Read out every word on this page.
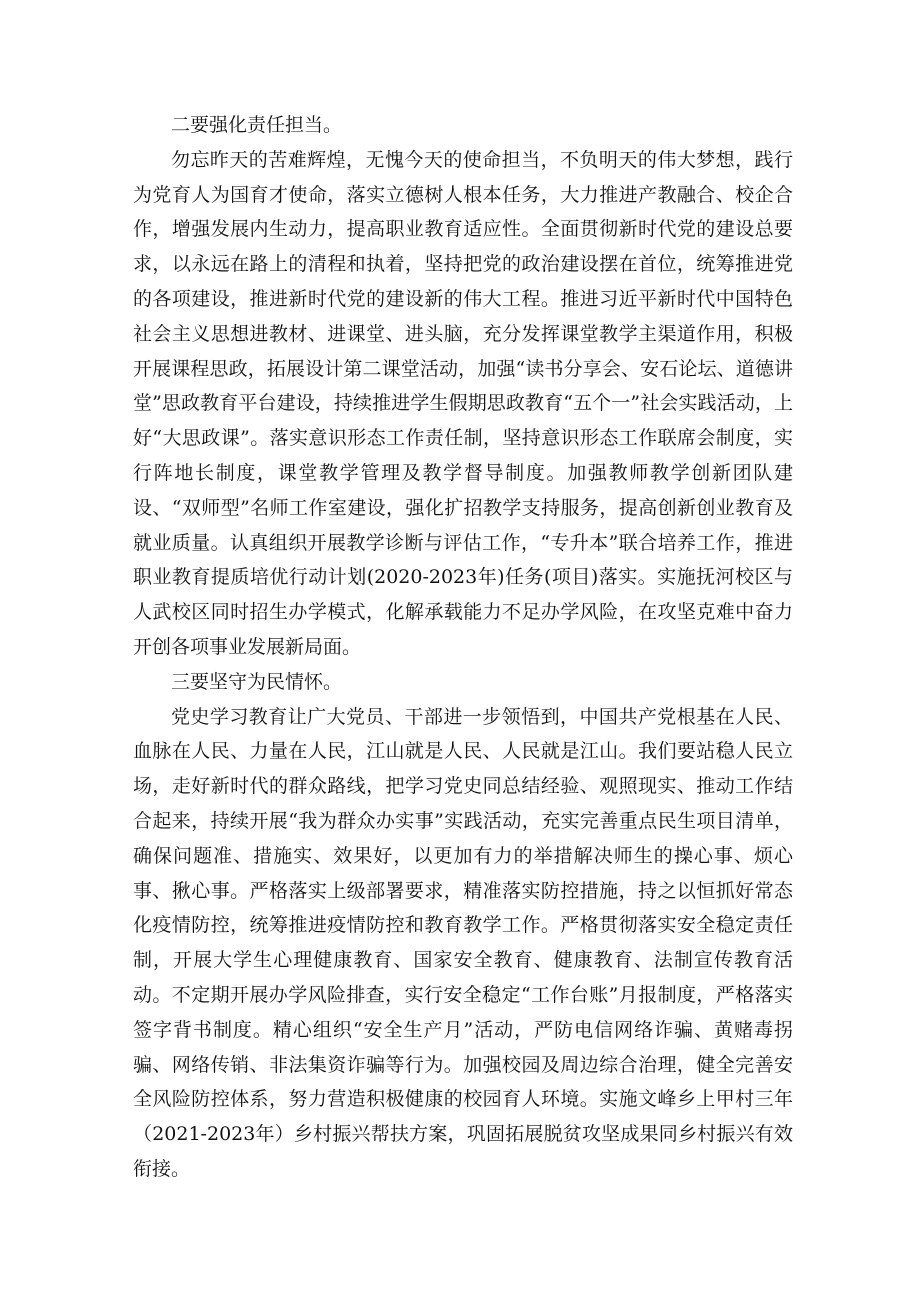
二要强化责任担当。

勿忘昨天的苦难辉煌，无愧今天的使命担当，不负明天的伟大梦想，践行为党育人为国育才使命，落实立德树人根本任务，大力推进产教融合、校企合作，增强发展内生动力，提高职业教育适应性。全面贯彻新时代党的建设总要求，以永远在路上的清程和执着，坚持把党的政治建设摆在首位，统筹推进党的各项建设，推进新时代党的建设新的伟大工程。推进习近平新时代中国特色社会主义思想进教材、进课堂、进头脑，充分发挥课堂教学主渠道作用，积极开展课程思政，拓展设计第二课堂活动，加强“读书分享会、安石论坛、道德讲堂”思政教育平台建设，持续推进学生假期思政教育“五个一”社会实践活动，上好“大思政课”。落实意识形态工作责任制，坚持意识形态工作联席会制度，实行阵地长制度，课堂教学管理及教学督导制度。加强教师教学创新团队建设、“双师型”名师工作室建设，强化扩招教学支持服务，提高创新创业教育及就业质量。认真组织开展教学诊断与评估工作，“专升本”联合培养工作，推进职业教育提质培优行动计划(2020-2023年)任务(项目)落实。实施抚河校区与人武校区同时招生办学模式，化解承载能力不足办学风险，在攻坚克难中奋力开创各项事业发展新局面。

三要坚守为民情怀。

党史学习教育让广大党员、干部进一步领悟到，中国共产党根基在人民、血脉在人民、力量在人民，江山就是人民、人民就是江山。我们要站稳人民立场，走好新时代的群众路线，把学习党史同总结经验、观照现实、推动工作结合起来，持续开展“我为群众办实事”实践活动，充实完善重点民生项目清单，确保问题准、措施实、效果好，以更加有力的举措解决师生的操心事、烦心事、揪心事。严格落实上级部署要求，精准落实防控措施，持之以恒抓好常态化疫情防控，统筹推进疫情防控和教育教学工作。严格贯彻落实安全稳定责任制，开展大学生心理健康教育、国家安全教育、健康教育、法制宣传教育活动。不定期开展办学风险排查，实行安全稳定“工作台账”月报制度，严格落实签字背书制度。精心组织“安全生产月”活动，严防电信网络诈骗、黄赌毒拐骗、网络传销、非法集资诈骗等行为。加强校园及周边综合治理，健全完善安全风险防控体系，努力营造积极健康的校园育人环境。实施文峰乡上甲村三年（2021-2023年）乡村振兴帮扶方案，巩固拓展脱贫攻坚成果同乡村振兴有效衔接。
